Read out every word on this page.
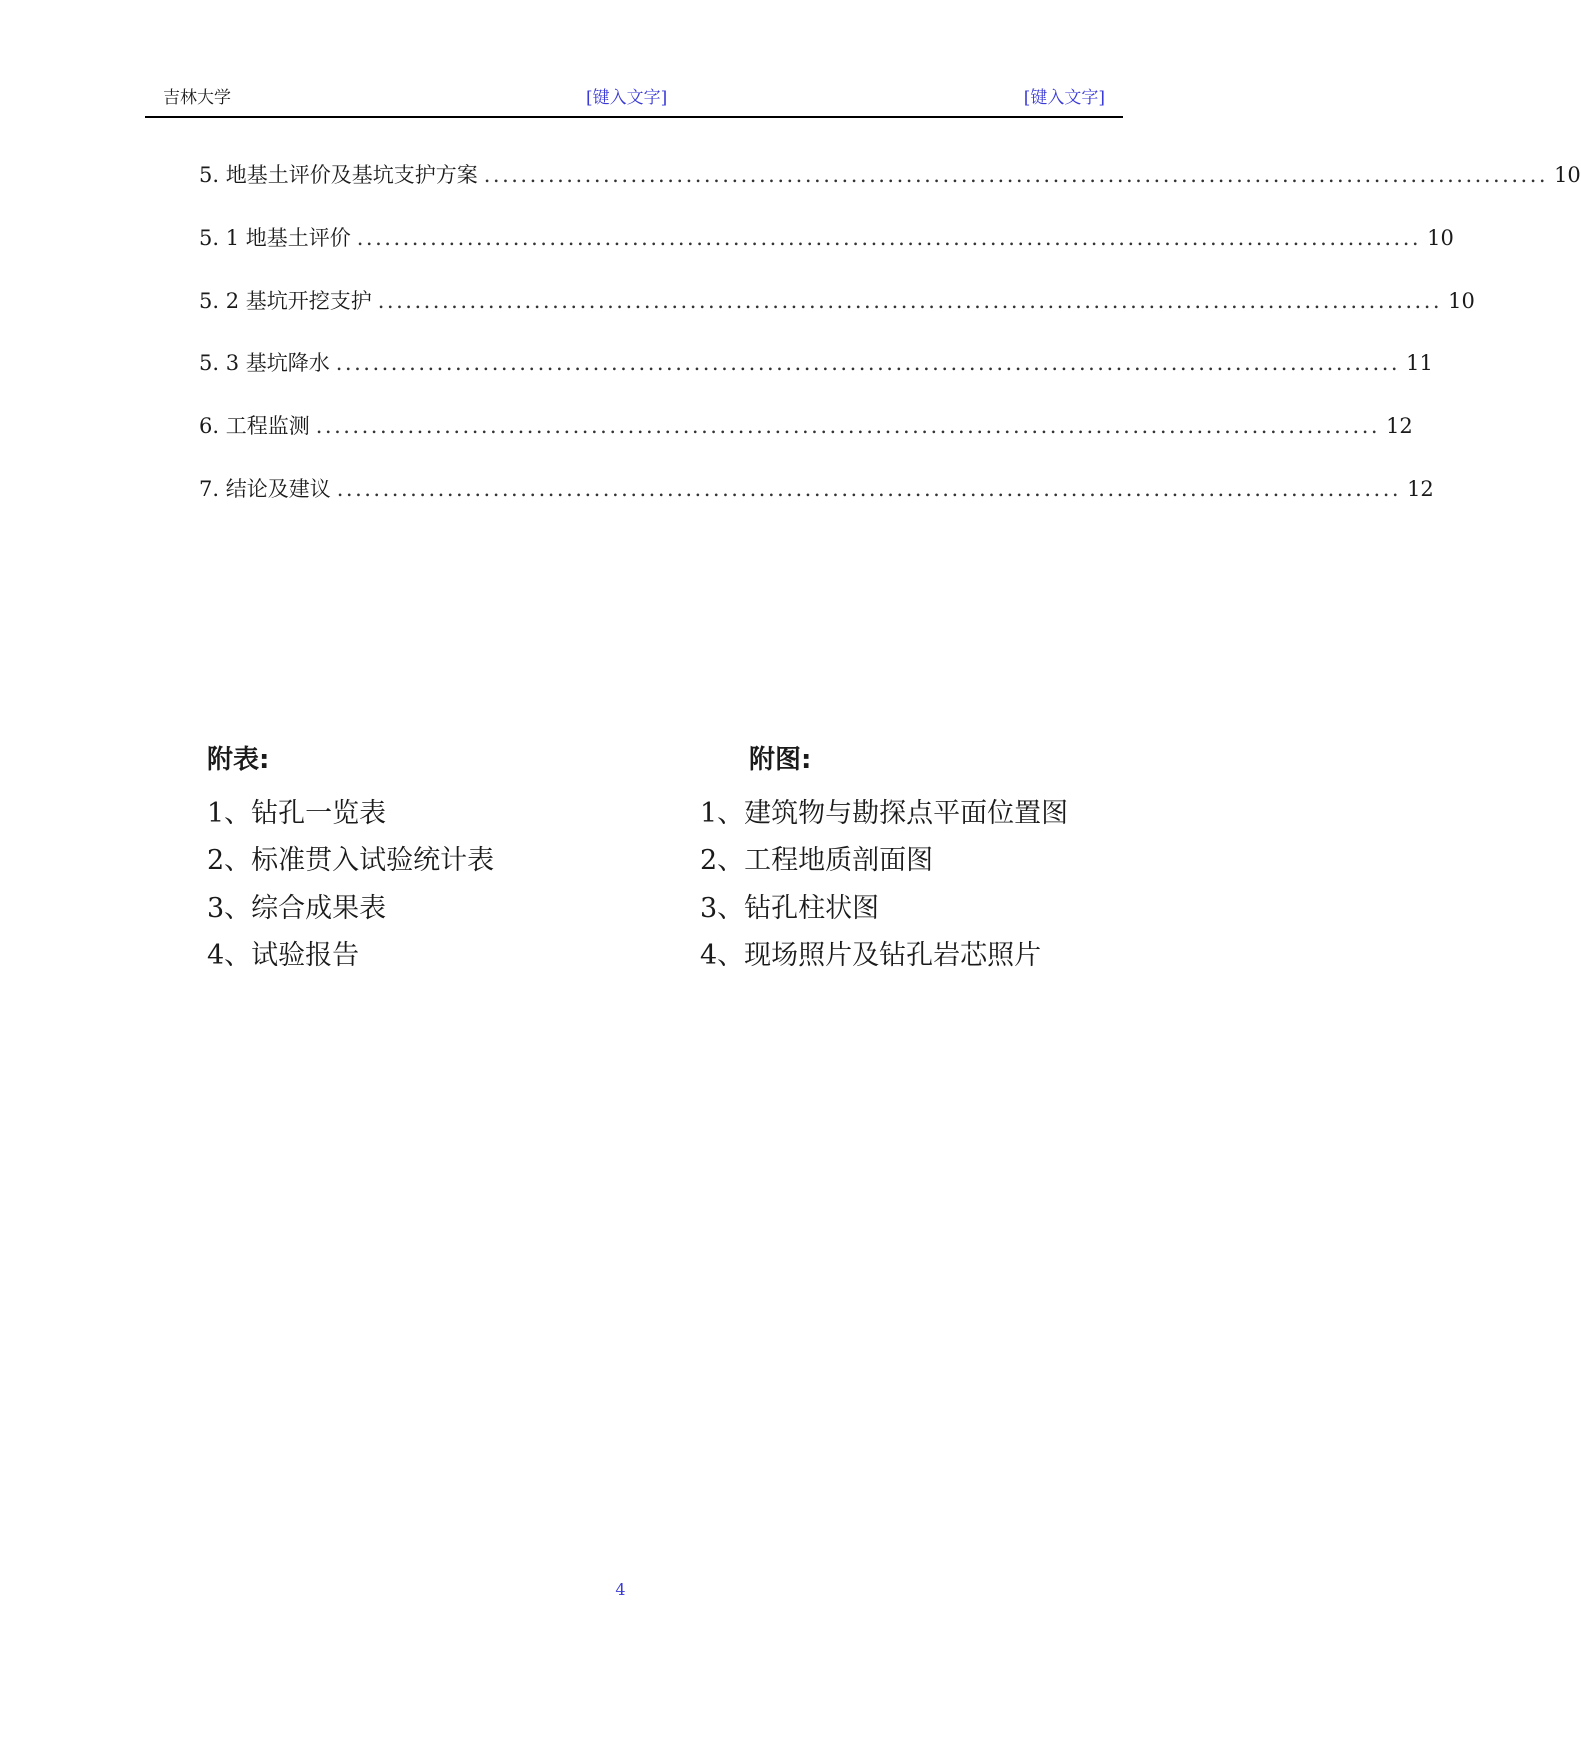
吉林大学	[键入文字]	[键入文字]
5. 地基土评价及基坑支护方案 .................................................................................................................... 10
5. 1 地基土评价 .................................................................................................................... 10
5. 2 基坑开挖支护 .................................................................................................................... 10
5. 3 基坑降水 .................................................................................................................... 11
6. 工程监测 .................................................................................................................... 12
7. 结论及建议 .................................................................................................................... 12
附表:
1、钻孔一览表
2、标准贯入试验统计表
3、综合成果表
4、试验报告
附图:
1、建筑物与勘探点平面位置图
2、工程地质剖面图
3、钻孔柱状图
4、现场照片及钻孔岩芯照片
4
